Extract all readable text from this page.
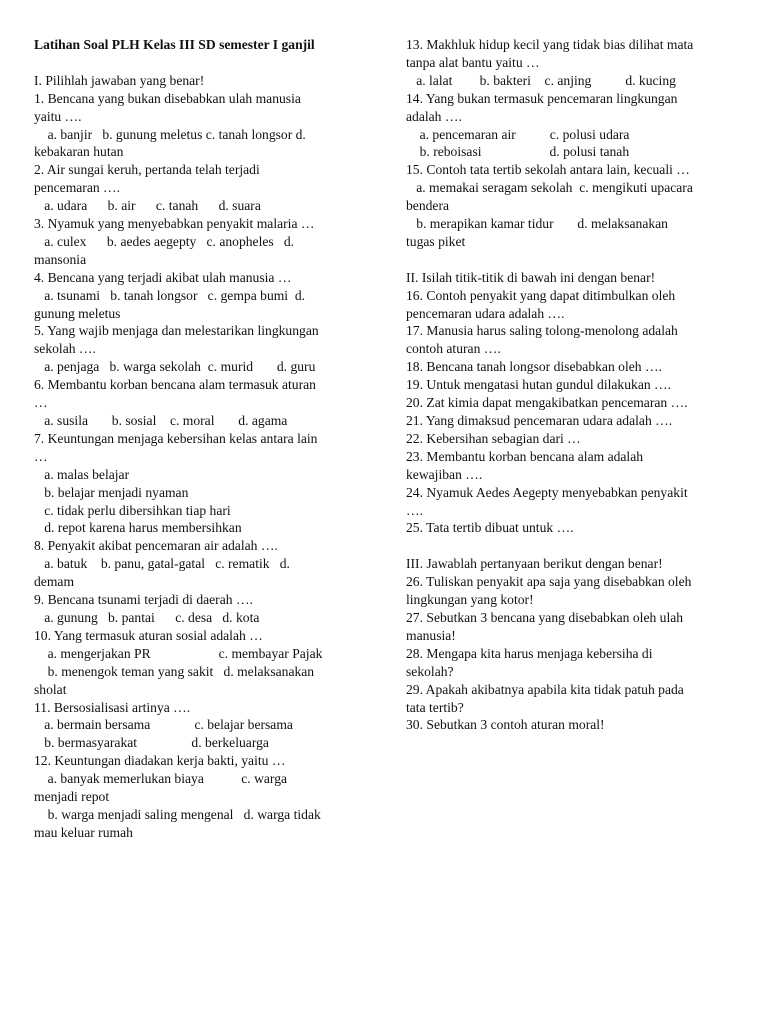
Latihan Soal PLH Kelas III SD semester I ganjil
I. Pilihlah jawaban yang benar!
1. Bencana yang bukan disebabkan ulah manusia
yaitu ….
a. banjir   b. gunung meletus c. tanah longsor d.
kebakaran hutan
2. Air sungai keruh, pertanda telah terjadi
pencemaran ….
a. udara      b. air      c. tanah      d. suara
3. Nyamuk yang menyebabkan penyakit malaria …
a. culex      b. aedes aegepty   c. anopheles   d.
mansonia
4. Bencana yang terjadi akibat ulah manusia …
a. tsunami   b. tanah longsor   c. gempa bumi  d.
gunung meletus
5. Yang wajib menjaga dan melestarikan lingkungan
sekolah ….
a. penjaga   b. warga sekolah  c. murid       d. guru
6. Membantu korban bencana alam termasuk aturan
…
a. susila       b. sosial    c. moral       d. agama
7. Keuntungan menjaga kebersihan kelas antara lain
…
a. malas belajar
b. belajar menjadi nyaman
c. tidak perlu dibersihkan tiap hari
d. repot karena harus membersihkan
8. Penyakit akibat pencemaran air adalah ….
a. batuk    b. panu, gatal-gatal   c. rematik   d.
demam
9. Bencana tsunami terjadi di daerah ….
a. gunung   b. pantai      c. desa   d. kota
10. Yang termasuk aturan sosial adalah …
a. mengerjakan PR                    c. membayar Pajak
b. menengok teman yang sakit   d. melaksanakan
sholat
11. Bersosialisasi artinya ….
a. bermain bersama             c. belajar bersama
b. bermasyarakat                d. berkeluarga
12. Keuntungan diadakan kerja bakti, yaitu …
a. banyak memerlukan biaya           c. warga
menjadi repot
b. warga menjadi saling mengenal   d. warga tidak
mau keluar rumah
13. Makhluk hidup kecil yang tidak bias dilihat mata
tanpa alat bantu yaitu …
a. lalat        b. bakteri    c. anjing          d. kucing
14. Yang bukan termasuk pencemaran lingkungan
adalah ….
a. pencemaran air          c. polusi udara
b. reboisasi                    d. polusi tanah
15. Contoh tata tertib sekolah antara lain, kecuali …
a. memakai seragam sekolah  c. mengikuti upacara
bendera
b. merapikan kamar tidur       d. melaksanakan
tugas piket
II. Isilah titik-titik di bawah ini dengan benar!
16. Contoh penyakit yang dapat ditimbulkan oleh
pencemaran udara adalah ….
17. Manusia harus saling tolong-menolong adalah
contoh aturan ….
18. Bencana tanah longsor disebabkan oleh ….
19. Untuk mengatasi hutan gundul dilakukan ….
20. Zat kimia dapat mengakibatkan pencemaran ….
21. Yang dimaksud pencemaran udara adalah ….
22. Kebersihan sebagian dari …
23. Membantu korban bencana alam adalah
kewajiban ….
24. Nyamuk Aedes Aegepty menyebabkan penyakit
….
25. Tata tertib dibuat untuk ….
III. Jawablah pertanyaan berikut dengan benar!
26. Tuliskan penyakit apa saja yang disebabkan oleh
lingkungan yang kotor!
27. Sebutkan 3 bencana yang disebabkan oleh ulah
manusia!
28. Mengapa kita harus menjaga kebersiha di
sekolah?
29. Apakah akibatnya apabila kita tidak patuh pada
tata tertib?
30. Sebutkan 3 contoh aturan moral!
